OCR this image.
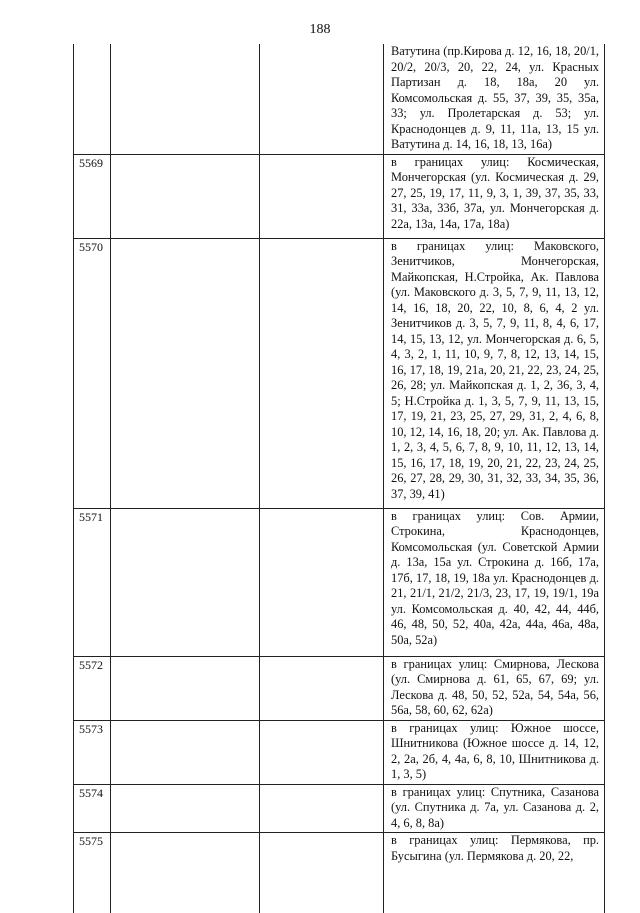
188
			Ватутина (пр.Кирова д. 12, 16, 18, 20/1, 20/2, 20/3, 20, 22, 24, ул. Красных Партизан д. 18, 18а, 20 ул. Комсомольская д. 55, 37, 39, 35, 35а, 33; ул. Пролетарская д. 53; ул. Краснодонцев д. 9, 11, 11а, 13, 15 ул. Ватутина д. 14, 16, 18, 13, 16а)
5569			в границах улиц: Космическая, Мончегорская (ул. Космическая д. 29, 27, 25, 19, 17, 11, 9, 3, 1, 39, 37, 35, 33, 31, 33а, 33б, 37а, ул. Мончегорская д. 22а, 13а, 14а, 17а, 18а)
5570			в границах улиц: Маковского, Зенитчиков, Мончегорская, Майкопская, Н.Стройка, Ак. Павлова (ул. Маковского д. 3, 5, 7, 9, 11, 13, 12, 14, 16, 18, 20, 22, 10, 8, 6, 4, 2 ул. Зенитчиков д. 3, 5, 7, 9, 11, 8, 4, 6, 17, 14, 15, 13, 12, ул. Мончегорская д. 6, 5, 4, 3, 2, 1, 11, 10, 9, 7, 8, 12, 13, 14, 15, 16, 17, 18, 19, 21а, 20, 21, 22, 23, 24, 25, 26, 28; ул. Майкопская д. 1, 2, 36, 3, 4, 5; Н.Стройка д. 1, 3, 5, 7, 9, 11, 13, 15, 17, 19, 21, 23, 25, 27, 29, 31, 2, 4, 6, 8, 10, 12, 14, 16, 18, 20; ул. Ак. Павлова д. 1, 2, 3, 4, 5, 6, 7, 8, 9, 10, 11, 12, 13, 14, 15, 16, 17, 18, 19, 20, 21, 22, 23, 24, 25, 26, 27, 28, 29, 30, 31, 32, 33, 34, 35, 36, 37, 39, 41)
5571			в границах улиц: Сов. Армии, Строкина, Краснодонцев, Комсомольская (ул. Советской Армии д. 13а, 15а ул. Строкина д. 16б, 17а, 17б, 17, 18, 19, 18а ул. Краснодонцев д. 21, 21/1, 21/2, 21/3, 23, 17, 19, 19/1, 19а ул. Комсомольская д. 40, 42, 44, 44б, 46, 48, 50, 52, 40а, 42а, 44а, 46а, 48а, 50а, 52а)
5572			в границах улиц: Смирнова, Лескова (ул. Смирнова д. 61, 65, 67, 69; ул. Лескова д. 48, 50, 52, 52а, 54, 54а, 56, 56а, 58, 60, 62, 62а)
5573			в границах улиц: Южное шоссе, Шнитникова (Южное шоссе д. 14, 12, 2, 2а, 2б, 4, 4а, 6, 8, 10, Шнитникова д. 1, 3, 5)
5574			в границах улиц: Спутника, Сазанова (ул. Спутника д. 7а, ул. Сазанова д. 2, 4, 6, 8, 8а)
5575			в границах улиц: Пермякова, пр. Бусыгина (ул. Пермякова д. 20, 22,
